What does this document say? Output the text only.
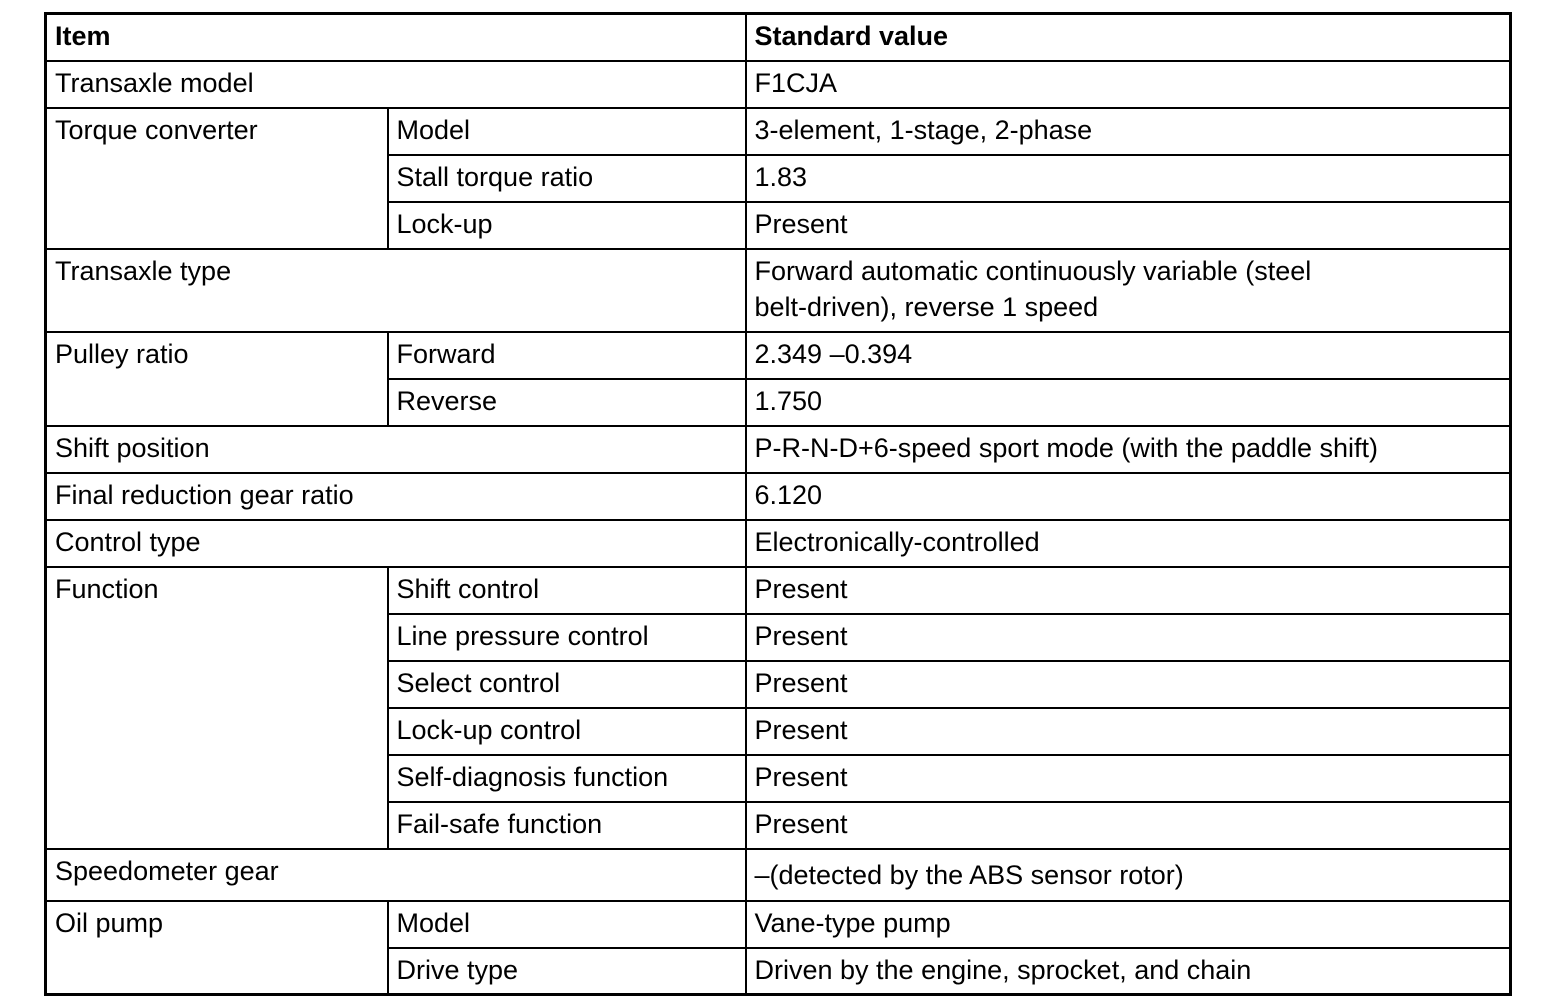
Item		Standard value
Transaxle model		F1CJA
Torque converter	Model	3-element, 1-stage, 2-phase
	Stall torque ratio	1.83
	Lock-up	Present
Transaxle type		Forward automatic continuously variable (steel
belt-driven), reverse 1 speed

Pulley ratio	Forward	2.349 –0.394
	Reverse	1.750
Shift position		P-R-N-D+6-speed sport mode (with the paddle shift)
Final reduction gear ratio		6.120
Control type		Electronically-controlled
Function	Shift control	Present
	Line pressure control	Present
	Select control	Present
	Lock-up control	Present
	Self-diagnosis function	Present
	Fail-safe function	Present
Speedometer gear		–(detected by the ABS sensor rotor)
Oil pump	Model	Vane-type pump
	Drive type	Driven by the engine, sprocket, and chain
